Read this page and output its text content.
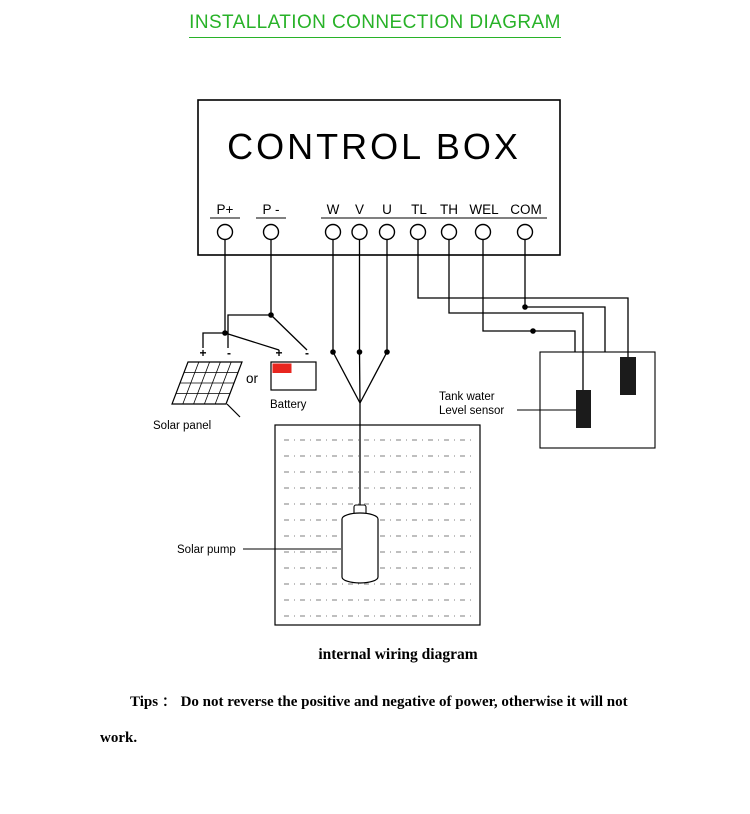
INSTALLATION CONNECTION DIAGRAM
CONTROL BOX
P+ P -	W V U TL TH WEL COM
+ -
Solar panel
or
+ -
Battery
Tank water
Level sensor
Solar pump
internal wiring diagram
Tips ： Do not reverse the positive and negative of power, otherwise it will not
work.
